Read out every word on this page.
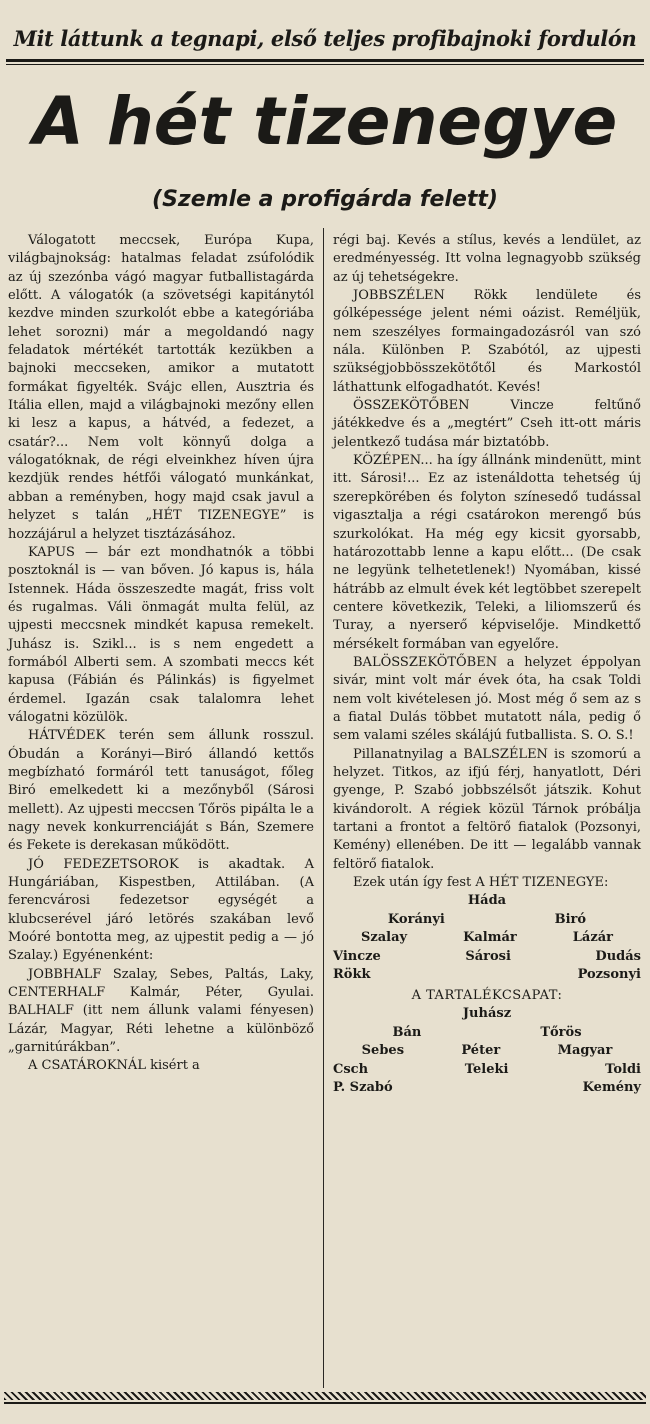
Mit láttunk a tegnapi, első teljes profibajnoki fordulón
A hét tizenegye
(Szemle a profigárda felett)

Válogatott meccsek, Európa Kupa, világbajnokság: hatalmas feladat zsúfolódik az új szezónba vágó magyar futballistagárda előtt. A válogatók (a szövetségi kapitánytól kezdve minden szurkolót ebbe a kategóriába lehet sorozni) már a megoldandó nagy feladatok mértékét tartották kezükben a bajnoki meccseken, amikor a mutatott formákat figyelték. Svájc ellen, Ausztria és Itália ellen, majd a világbajnoki mezőny ellen ki lesz a kapus, a hátvéd, a fedezet, a csatár?... Nem volt könnyű dolga a válogatóknak, de régi elveinkhez híven újra kezdjük rendes hétfői válogató munkánkat, abban a reményben, hogy majd csak javul a helyzet s talán „HÉT TIZENEGYE” is hozzájárul a helyzet tisztázásához.

KAPUS — bár ezt mondhatnók a többi posztoknál is — van bőven. Jó kapus is, hála Istennek. Háda összeszedte magát, friss volt és rugalmas. Váli önmagát multa felül, az ujpesti meccsnek mindkét kapusa remekelt. Juhász is. Szikl... is s nem engedett a formából Alberti sem. A szombati meccs két kapusa (Fábián és Pálinkás) is figyelmet érdemel. Igazán csak talalomra lehet válogatni közülök.

HÁTVÉDEK terén sem állunk rosszul. Óbudán a Korányi—Biró állandó kettős megbízható formáról tett tanuságot, főleg Biró emelkedett ki a mezőnyből (Sárosi mellett). Az ujpesti meccsen Tőrös pipálta le a nagy nevek konkurrenciáját s Bán, Szemere és Fekete is derekasan működött.

JÓ FEDEZETSOROK is akadtak. A Hungáriában, Kispestben, Attilában. (A ferencvárosi fedezetsor egységét a klubcserével járó letörés szakában levő Moóré bontotta meg, az ujpestit pedig a — jó Szalay.) Egyénenként:

JOBBHALF Szalay, Sebes, Paltás, Laky, CENTERHALF Kalmár, Péter, Gyulai. BALHALF (itt nem állunk valami fényesen) Lázár, Magyar, Réti lehetne a különböző „garnitúrákban”.

A CSATÁROKNÁL kisért a

régi baj. Kevés a stílus, kevés a lendület, az eredményesség. Itt volna legnagyobb szükség az új tehetségekre.

JOBBSZÉLEN Rökk lendülete és gólképessége jelent némi oázist. Reméljük, nem szeszélyes formaingadozásról van szó nála. Különben P. Szabótól, az ujpesti szükségjobbösszekötőtől és Markostól láthattunk elfogadhatót. Kevés!

ÖSSZEKÖTŐBEN Vincze feltűnő játékkedve és a „megtért” Cseh itt-ott máris jelentkező tudása már biztatóbb.

KÖZÉPEN... ha így állnánk mindenütt, mint itt. Sárosi!... Ez az istenáldotta tehetség új szerepkörében és folyton színesedő tudással vigasztalja a régi csatárokon merengő bús szurkolókat. Ha még egy kicsit gyorsabb, határozottabb lenne a kapu előtt... (De csak ne legyünk telhetetlenek!) Nyomában, kissé hátrább az elmult évek két legtöbbet szerepelt centere következik, Teleki, a liliomszerű és Turay, a nyerserő képviselője. Mindkettő mérsékelt formában van egyelőre.

BALÖSSZEKÖTŐBEN a helyzet éppolyan sivár, mint volt már évek óta, ha csak Toldi nem volt kivételesen jó. Most még ő sem az s a fiatal Dulás többet mutatott nála, pedig ő sem valami széles skálájú futballista. S. O. S.!

Pillanatnyilag a BALSZÉLEN is szomorú a helyzet. Titkos, az ifjú férj, hanyatlott, Déri gyenge, P. Szabó jobbszélsőt játszik. Kohut kivándorolt. A régiek közül Tárnok próbálja tartani a frontot a feltörő fiatalok (Pozsonyi, Kemény) ellenében. De itt — legalább vannak feltörő fiatalok.

Ezek után így fest A HÉT TIZENEGYE:

Háda
Korányi	Biró
Szalay	Kalmár	Lázár
Vincze	Sárosi	Dudás
Rökk	Pozsonyi

A TARTALÉKCSAPAT:

Juhász
Bán	Tőrös
Sebes	Péter	Magyar
Csch	Teleki	Toldi
P. Szabó	Kemény
